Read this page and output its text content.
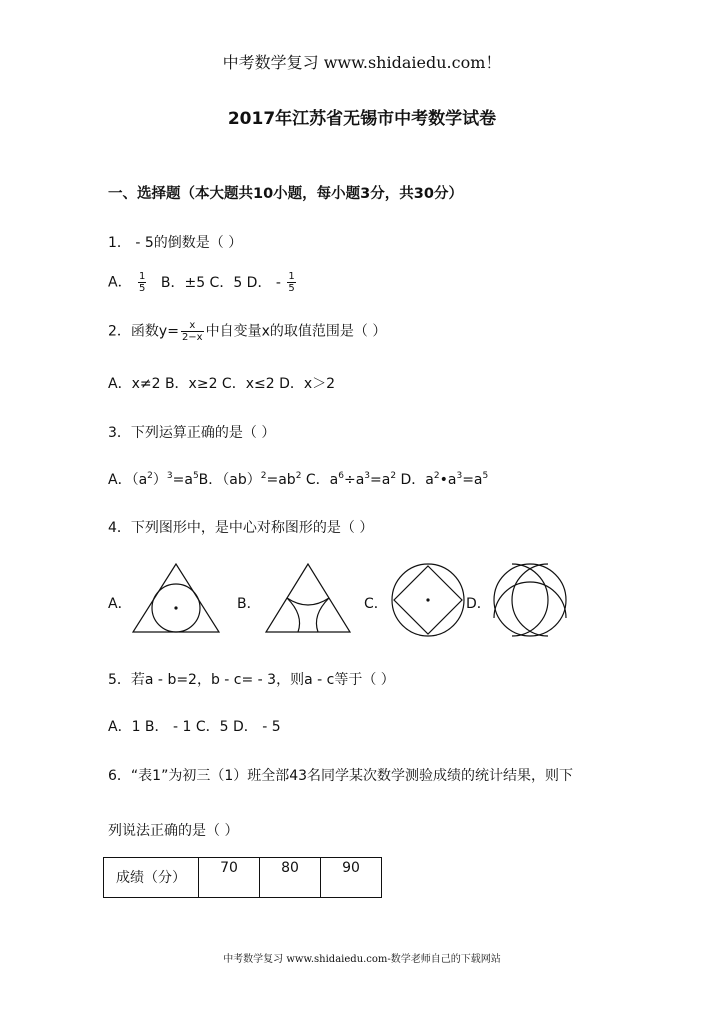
中考数学复习 www.shidaiedu.com！
2017年江苏省无锡市中考数学试卷
一、选择题（本大题共10小题，每小题3分，共30分）
1． - 5的倒数是（ ）
A． $\frac{1}{5}$ B．±5 C．5 D． - $\frac{1}{5}$
2．函数$y= \frac{x}{2-x}$ 中自变量x的取值范围是（ ）
A．x≠2 B．x≥2 C．x≤2 D．x＞2
3．下列运算正确的是（ ）
A．$(a^2)^3=a^5B$．$(ab)^2=ab^2$ C．$a^6\div a^3=a^2$ D．$a^2•a^3=a^5$
4．下列图形中，是中心对称图形的是（ ）
A．	B．	C．	D．
5．若a - b=2，b - c= - 3，则a - c等于（ ）
A．1 B． - 1 C．5 D． - 5
6．“表1”为初三（1）班全部43名同学某次数学测验成绩的统计结果，则下
列说法正确的是（ ）
成绩（分）	70	80	90
中考数学复习 www.shidaiedu.com-数学老师自己的下载网站
